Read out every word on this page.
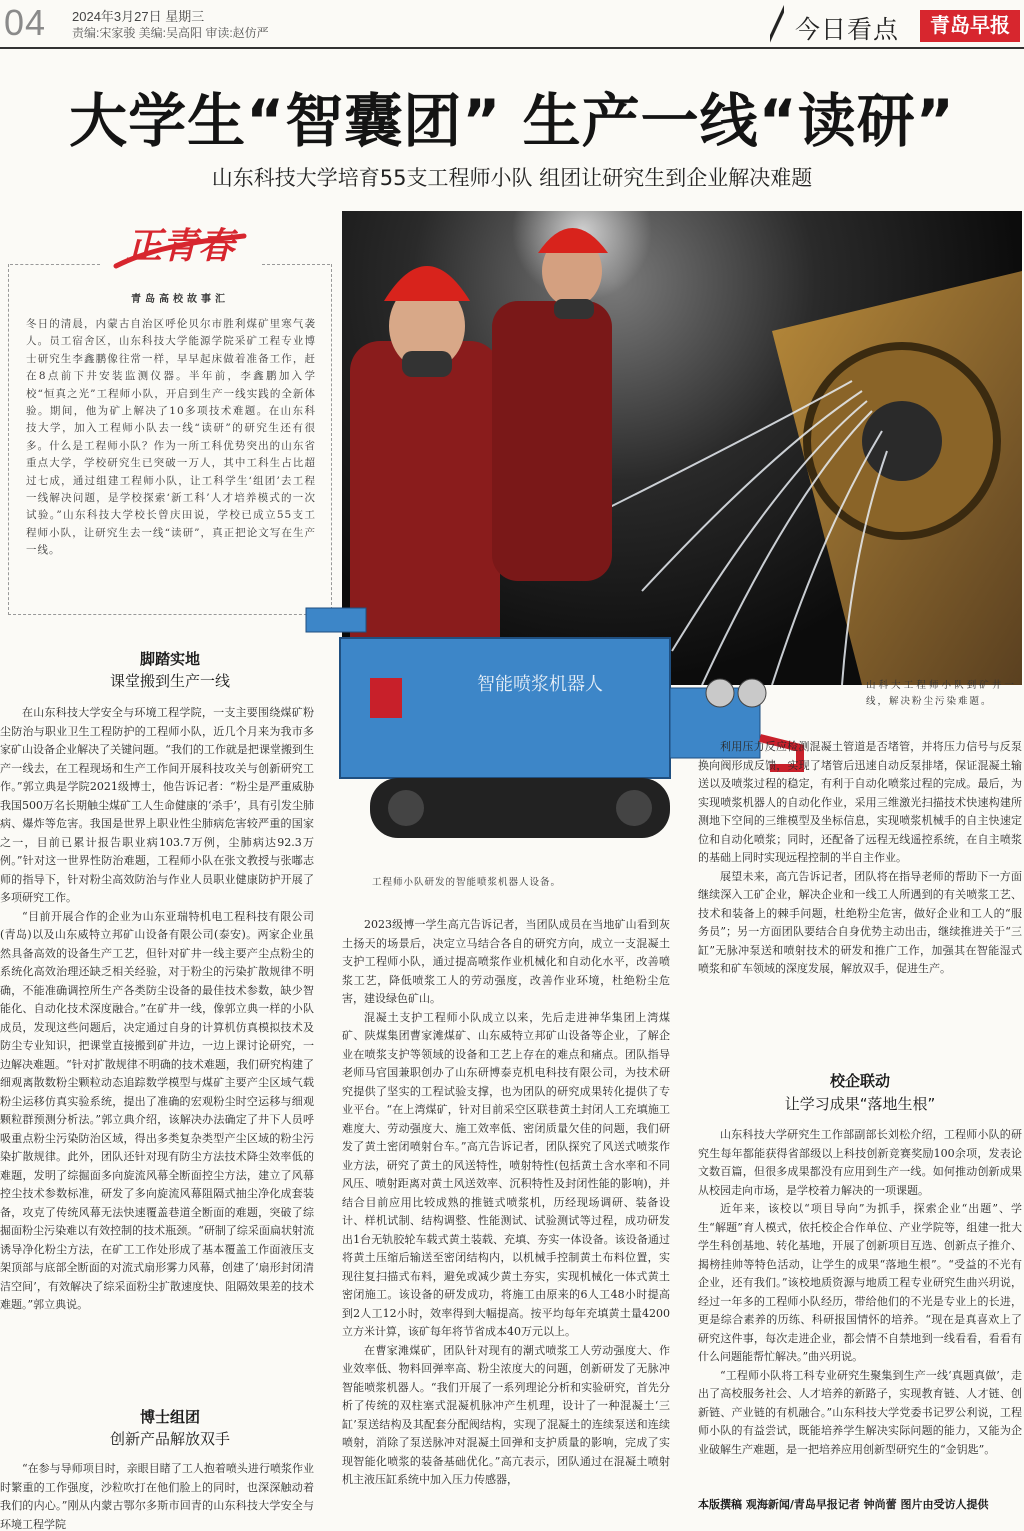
04 2024年3月27日 星期三
责编:宋家骏 美编:吴高阳 审读:赵仿严	今日看点	青岛早报
大学生“智囊团” 生产一线“读研”
山东科技大学培育55支工程师小队 组团让研究生到企业解决难题
正青春
青岛高校故事汇
冬日的清晨，内蒙古自治区呼伦贝尔市胜利煤矿里寒气袭人。员工宿舍区，山东科技大学能源学院采矿工程专业博士研究生李鑫鹏像往常一样，早早起床做着准备工作，赶在8点前下井安装监测仪器。半年前，李鑫鹏加入学校“恒真之光”工程师小队，开启到生产一线实践的全新体验。期间，他为矿上解决了10多项技术难题。在山东科技大学，加入工程师小队去一线“读研”的研究生还有很多。什么是工程师小队？作为一所工科优势突出的山东省重点大学，学校研究生已突破一万人，其中工科生占比超过七成，通过组建工程师小队，让工科学生‘组团’去工程一线解决问题，是学校探索‘新工科’人才培养模式的一次试验。”山东科技大学校长曾庆田说，学校已成立55支工程师小队，让研究生去一线“读研”，真正把论文写在生产一线。
智能喷浆机器人	山科大工程师小队到矿井一线，解决粉尘污染难题。
工程师小队研发的智能喷浆机器人设备。
脚踏实地
课堂搬到生产一线

在山东科技大学安全与环境工程学院，一支主要围绕煤矿粉尘防治与职业卫生工程防护的工程师小队，近几个月来为我市多家矿山设备企业解决了关键问题。“我们的工作就是把课堂搬到生产一线去，在工程现场和生产工作间开展科技攻关与创新研究工作。”郭立典是学院2021级博士，他告诉记者：“粉尘是严重威胁我国500万名长期触尘煤矿工人生命健康的‘杀手’，具有引发尘肺病、爆炸等危害。我国是世界上职业性尘肺病危害较严重的国家之一，目前已累计报告职业病103.7万例，尘肺病达92.3万例。”针对这一世界性防治难题，工程师小队在张文教授与张嘟志师的指导下，针对粉尘高效防治与作业人员职业健康防护开展了多项研究工作。

“目前开展合作的企业为山东亚瑞特机电工程科技有限公司(青岛)以及山东威特立邦矿山设备有限公司(泰安)。两家企业虽然具备高效的设备生产工艺，但针对矿井一线主要产尘点粉尘的系统化高效治理还缺乏相关经验，对于粉尘的污染扩散规律不明确，不能准确调控所生产各类防尘设备的最佳技术参数，缺少智能化、自动化技术深度融合。”在矿井一线，像郭立典一样的小队成员，发现这些问题后，决定通过自身的计算机仿真模拟技术及防尘专业知识，把课堂直接搬到矿井边，一边上课讨论研究，一边解决难题。“针对扩散规律不明确的技术难题，我们研究构建了细观离散数粉尘颗粒动态追踪数学模型与煤矿主要产尘区域气载粉尘运移仿真实验系统，提出了准确的宏观粉尘时空运移与细观颗粒群预测分析法。”郭立典介绍，该解决办法确定了井下人员呼吸重点粉尘污染防治区域，得出多类复杂类型产尘区域的粉尘污染扩散规律。此外，团队还针对现有防尘方法技术降尘效率低的难题，发明了综掘面多向旋流风幕全断面控尘方法，建立了风幕控尘技术参数标准，研发了多向旋流风幕阻隔式抽尘净化成套装备，攻克了传统风幕无法快速覆盖巷道全断面的难题，突破了综掘面粉尘污染难以有效控制的技术瓶颈。“研制了综采面扁状射流诱导净化粉尘方法，在矿工工作处形成了基本覆盖工作面液压支架顶部与底部全断面的对流式扇形雾力风幕，创建了‘扇形封闭清洁空间’，有效解决了综采面粉尘扩散速度快、阻隔效果差的技术难题。”郭立典说。

博士组团
创新产品解放双手

“在参与导师项目时，亲眼目睹了工人抱着喷头进行喷浆作业时繁重的工作强度，沙粒吹打在他们脸上的同时，也深深触动着我们的内心。”刚从内蒙古鄂尔多斯市回青的山东科技大学安全与环境工程学院

2023级博一学生高亢告诉记者，当团队成员在当地矿山看到灰土扬天的场景后，决定立马结合各自的研究方向，成立一支混凝土支护工程师小队，通过提高喷浆作业机械化和自动化水平，改善喷浆工艺，降低喷浆工人的劳动强度，改善作业环境，杜绝粉尘危害，建设绿色矿山。

混凝土支护工程师小队成立以来，先后走进神华集团上湾煤矿、陕煤集团曹家滩煤矿、山东威特立邦矿山设备等企业，了解企业在喷浆支护等领域的设备和工艺上存在的难点和痛点。团队指导老师马官国兼职创办了山东研博泰克机电科技有限公司，为技术研究提供了坚实的工程试验支撑，也为团队的研究成果转化提供了专业平台。“在上湾煤矿，针对目前采空区联巷黄土封闭人工充填施工难度大、劳动强度大、施工效率低、密闭质量欠佳的问题，我们研发了黄土密闭喷射台车。”高亢告诉记者，团队探究了风送式喷浆作业方法，研究了黄土的风送特性，喷射特性(包括黄土含水率和不同风压、喷射距离对黄土风送效率、沉积特性及封闭性能的影响)，并结合目前应用比较成熟的推链式喷浆机，历经现场调研、装备设计、样机试制、结构调整、性能测试、试验测试等过程，成功研发出1台无轨胶轮车载式黄土装载、充填、夯实一体设备。该设备通过将黄土压缩后输送至密闭结构内，以机械手控制黄土布料位置，实现往复扫描式布料，避免或减少黄土夯实，实现机械化一体式黄土密闭施工。该设备的研发成功，将施工由原来的6人工48小时提高到2人工12小时，效率得到大幅提高。按平均每年充填黄土量4200立方米计算，该矿每年将节省成本40万元以上。

在曹家滩煤矿，团队针对现有的潮式喷浆工人劳动强度大、作业效率低、物料回弹率高、粉尘浓度大的问题，创新研发了无脉冲智能喷浆机器人。“我们开展了一系列理论分析和实验研究，首先分析了传统的双柱塞式混凝机脉冲产生机理，设计了一种混凝土‘三缸’泵送结构及其配套分配阀结构，实现了混凝土的连续泵送和连续喷射，消除了泵送脉冲对混凝土回弹和支护质量的影响，完成了实现智能化喷浆的装备基础优化。”高亢表示，团队通过在混凝土喷射机主液压缸系统中加入压力传感器，

利用压力反应检测混凝土管道是否堵管，并将压力信号与反泵换向阀形成反馈，实现了堵管后迅速自动反泵排堵，保证混凝土输送以及喷浆过程的稳定，有利于自动化喷浆过程的完成。最后，为实现喷浆机器人的自动化作业，采用三维激光扫描技术快速构建所测地下空间的三维模型及坐标信息，实现喷浆机械手的自主快速定位和自动化喷浆；同时，还配备了远程无线遥控系统，在自主喷浆的基础上同时实现远程控制的半自主作业。

展望未来，高亢告诉记者，团队将在指导老师的帮助下一方面继续深入工矿企业，解决企业和一线工人所遇到的有关喷浆工艺、技术和装备上的棘手问题，杜绝粉尘危害，做好企业和工人的“服务员”；另一方面团队要结合自身优势主动出击，继续推进关于“三缸”无脉冲泵送和喷射技术的研发和推广工作，加强其在智能湿式喷浆和矿车领域的深度发展，解放双手，促进生产。

校企联动
让学习成果“落地生根”

山东科技大学研究生工作部副部长刘松介绍，工程师小队的研究生每年都能获得省部级以上科技创新竞赛奖励100余项，发表论文数百篇，但很多成果都没有应用到生产一线。如何推动创新成果从校园走向市场，是学校着力解决的一项课题。

近年来，该校以“项目导向”为抓手，探索企业“出题”、学生“解题”育人模式，依托校企合作单位、产业学院等，组建一批大学生科创基地、转化基地，开展了创新项目互选、创新点子推介、揭榜挂帅等特色活动，让学生的成果“落地生根”。“受益的不光有企业，还有我们。”该校地质资源与地质工程专业研究生曲兴玥说，经过一年多的工程师小队经历，带给他们的不光是专业上的长进，更是综合素养的历练、科研报国情怀的培养。“现在是真喜欢上了研究这件事，每次走进企业，都会情不自禁地到一线看看，看看有什么问题能帮忙解决。”曲兴玥说。

“工程师小队将工科专业研究生聚集到生产一线‘真题真做’，走出了高校服务社会、人才培养的新路子，实现教育链、人才链、创新链、产业链的有机融合。”山东科技大学党委书记罗公利说，工程师小队的有益尝试，既能培养学生解决实际问题的能力，又能为企业破解生产难题，是一把培养应用创新型研究生的“金钥匙”。

本版撰稿 观海新闻/青岛早报记者 钟尚蕾 图片由受访人提供
